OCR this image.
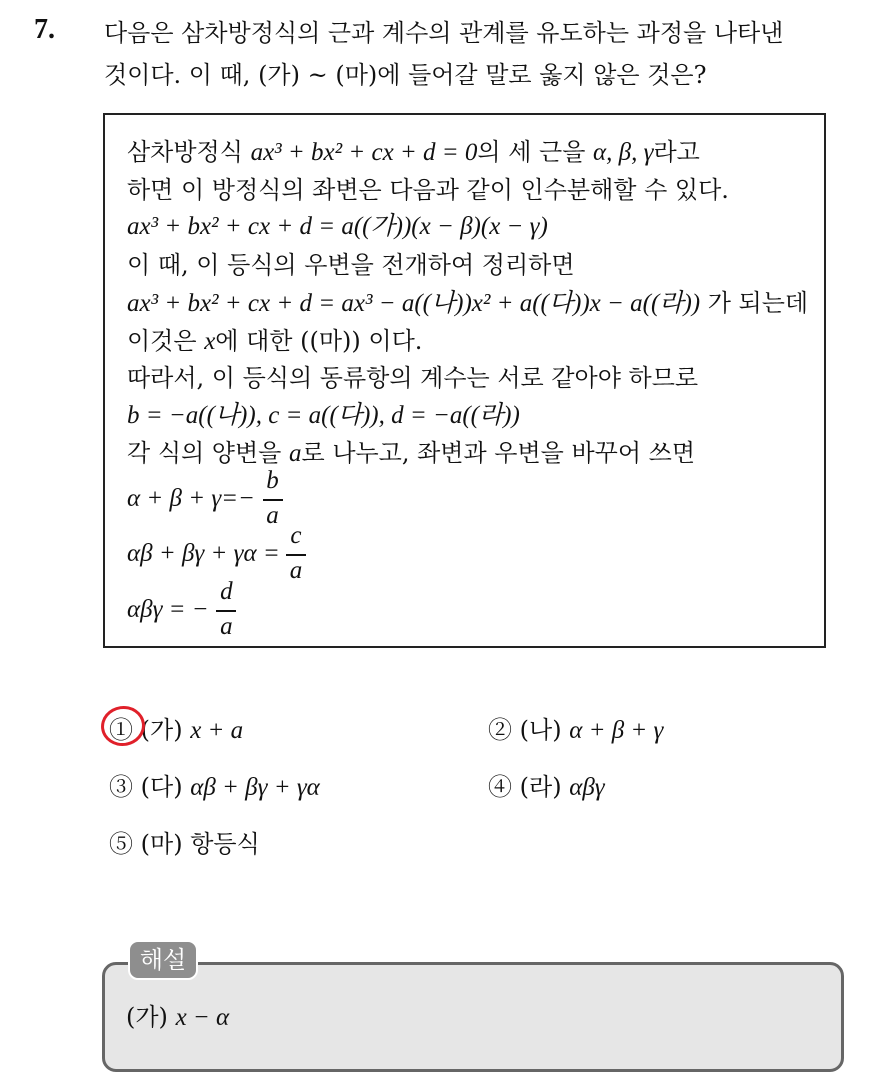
7. 다음은 삼차방정식의 근과 계수의 관계를 유도하는 과정을 나타낸
것이다. 이 때, (가) ~ (마)에 들어갈 말로 옳지 않은 것은?
삼차방정식 ax³ + bx² + cx + d = 0의 세 근을 α, β, γ라고
하면 이 방정식의 좌변은 다음과 같이 인수분해할 수 있다.
ax³ + bx² + cx + d = a((가))(x − β)(x − γ)
이 때, 이 등식의 우변을 전개하여 정리하면
ax³ + bx² + cx + d = ax³ − a((나))x² + a((다))x − a((라)) 가 되는데
이것은 x에 대한 ((마)) 이다.
따라서, 이 등식의 동류항의 계수는 서로 같아야 하므로
b = −a((나)), c = a((다)), d = −a((라))
각 식의 양변을 a로 나누고, 좌변과 우변을 바꾸어 쓰면
$\alpha + \beta + \gamma=- \frac{b}{a}$
$\alpha\beta + \beta\gamma + \gamma\alpha = \frac{c}{a}$
αβγ = − $\frac{d}{a}$
① (가) x + a	② (나) α + β + γ
③ (다) αβ + βγ + γα	④ (라) αβγ
⑤ (마) 항등식
해설
(가) x − α
